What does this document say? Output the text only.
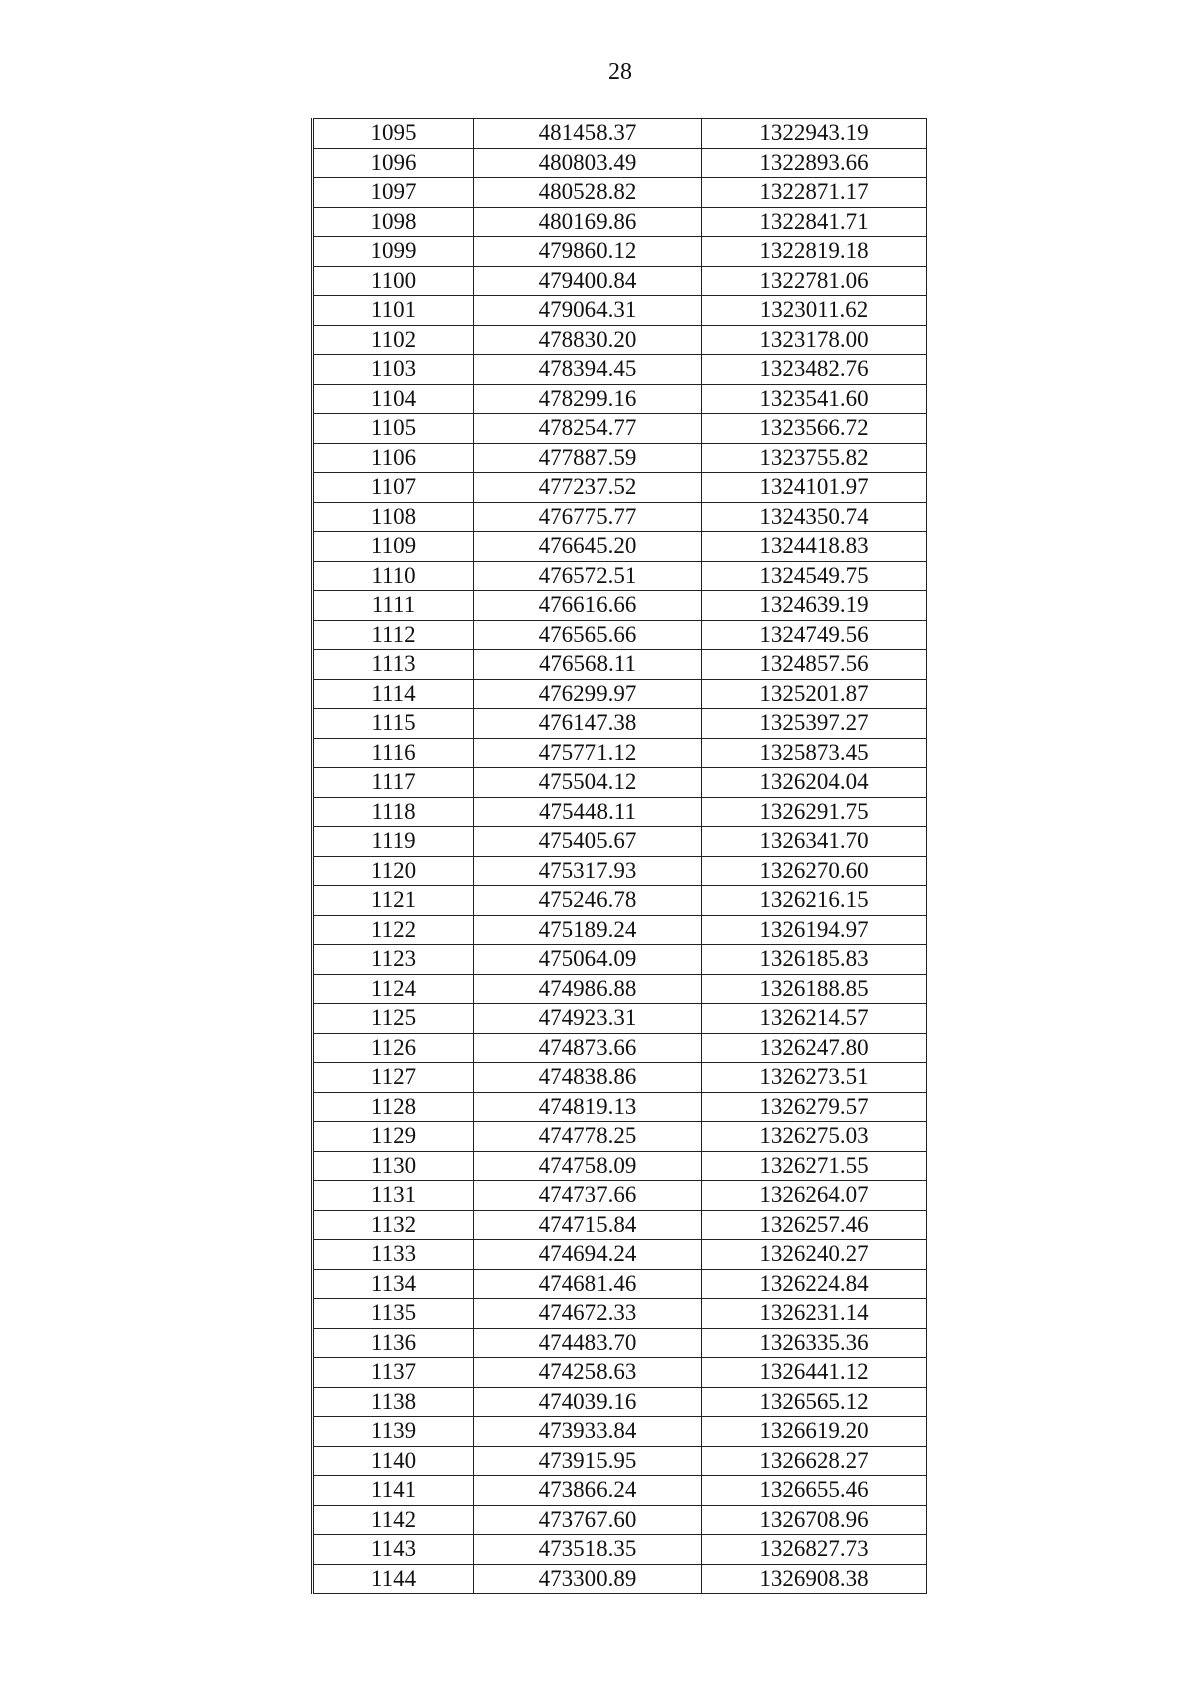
28
1095	481458.37	1322943.19
1096	480803.49	1322893.66
1097	480528.82	1322871.17
1098	480169.86	1322841.71
1099	479860.12	1322819.18
1100	479400.84	1322781.06
1101	479064.31	1323011.62
1102	478830.20	1323178.00
1103	478394.45	1323482.76
1104	478299.16	1323541.60
1105	478254.77	1323566.72
1106	477887.59	1323755.82
1107	477237.52	1324101.97
1108	476775.77	1324350.74
1109	476645.20	1324418.83
1110	476572.51	1324549.75
1111	476616.66	1324639.19
1112	476565.66	1324749.56
1113	476568.11	1324857.56
1114	476299.97	1325201.87
1115	476147.38	1325397.27
1116	475771.12	1325873.45
1117	475504.12	1326204.04
1118	475448.11	1326291.75
1119	475405.67	1326341.70
1120	475317.93	1326270.60
1121	475246.78	1326216.15
1122	475189.24	1326194.97
1123	475064.09	1326185.83
1124	474986.88	1326188.85
1125	474923.31	1326214.57
1126	474873.66	1326247.80
1127	474838.86	1326273.51
1128	474819.13	1326279.57
1129	474778.25	1326275.03
1130	474758.09	1326271.55
1131	474737.66	1326264.07
1132	474715.84	1326257.46
1133	474694.24	1326240.27
1134	474681.46	1326224.84
1135	474672.33	1326231.14
1136	474483.70	1326335.36
1137	474258.63	1326441.12
1138	474039.16	1326565.12
1139	473933.84	1326619.20
1140	473915.95	1326628.27
1141	473866.24	1326655.46
1142	473767.60	1326708.96
1143	473518.35	1326827.73
1144	473300.89	1326908.38
